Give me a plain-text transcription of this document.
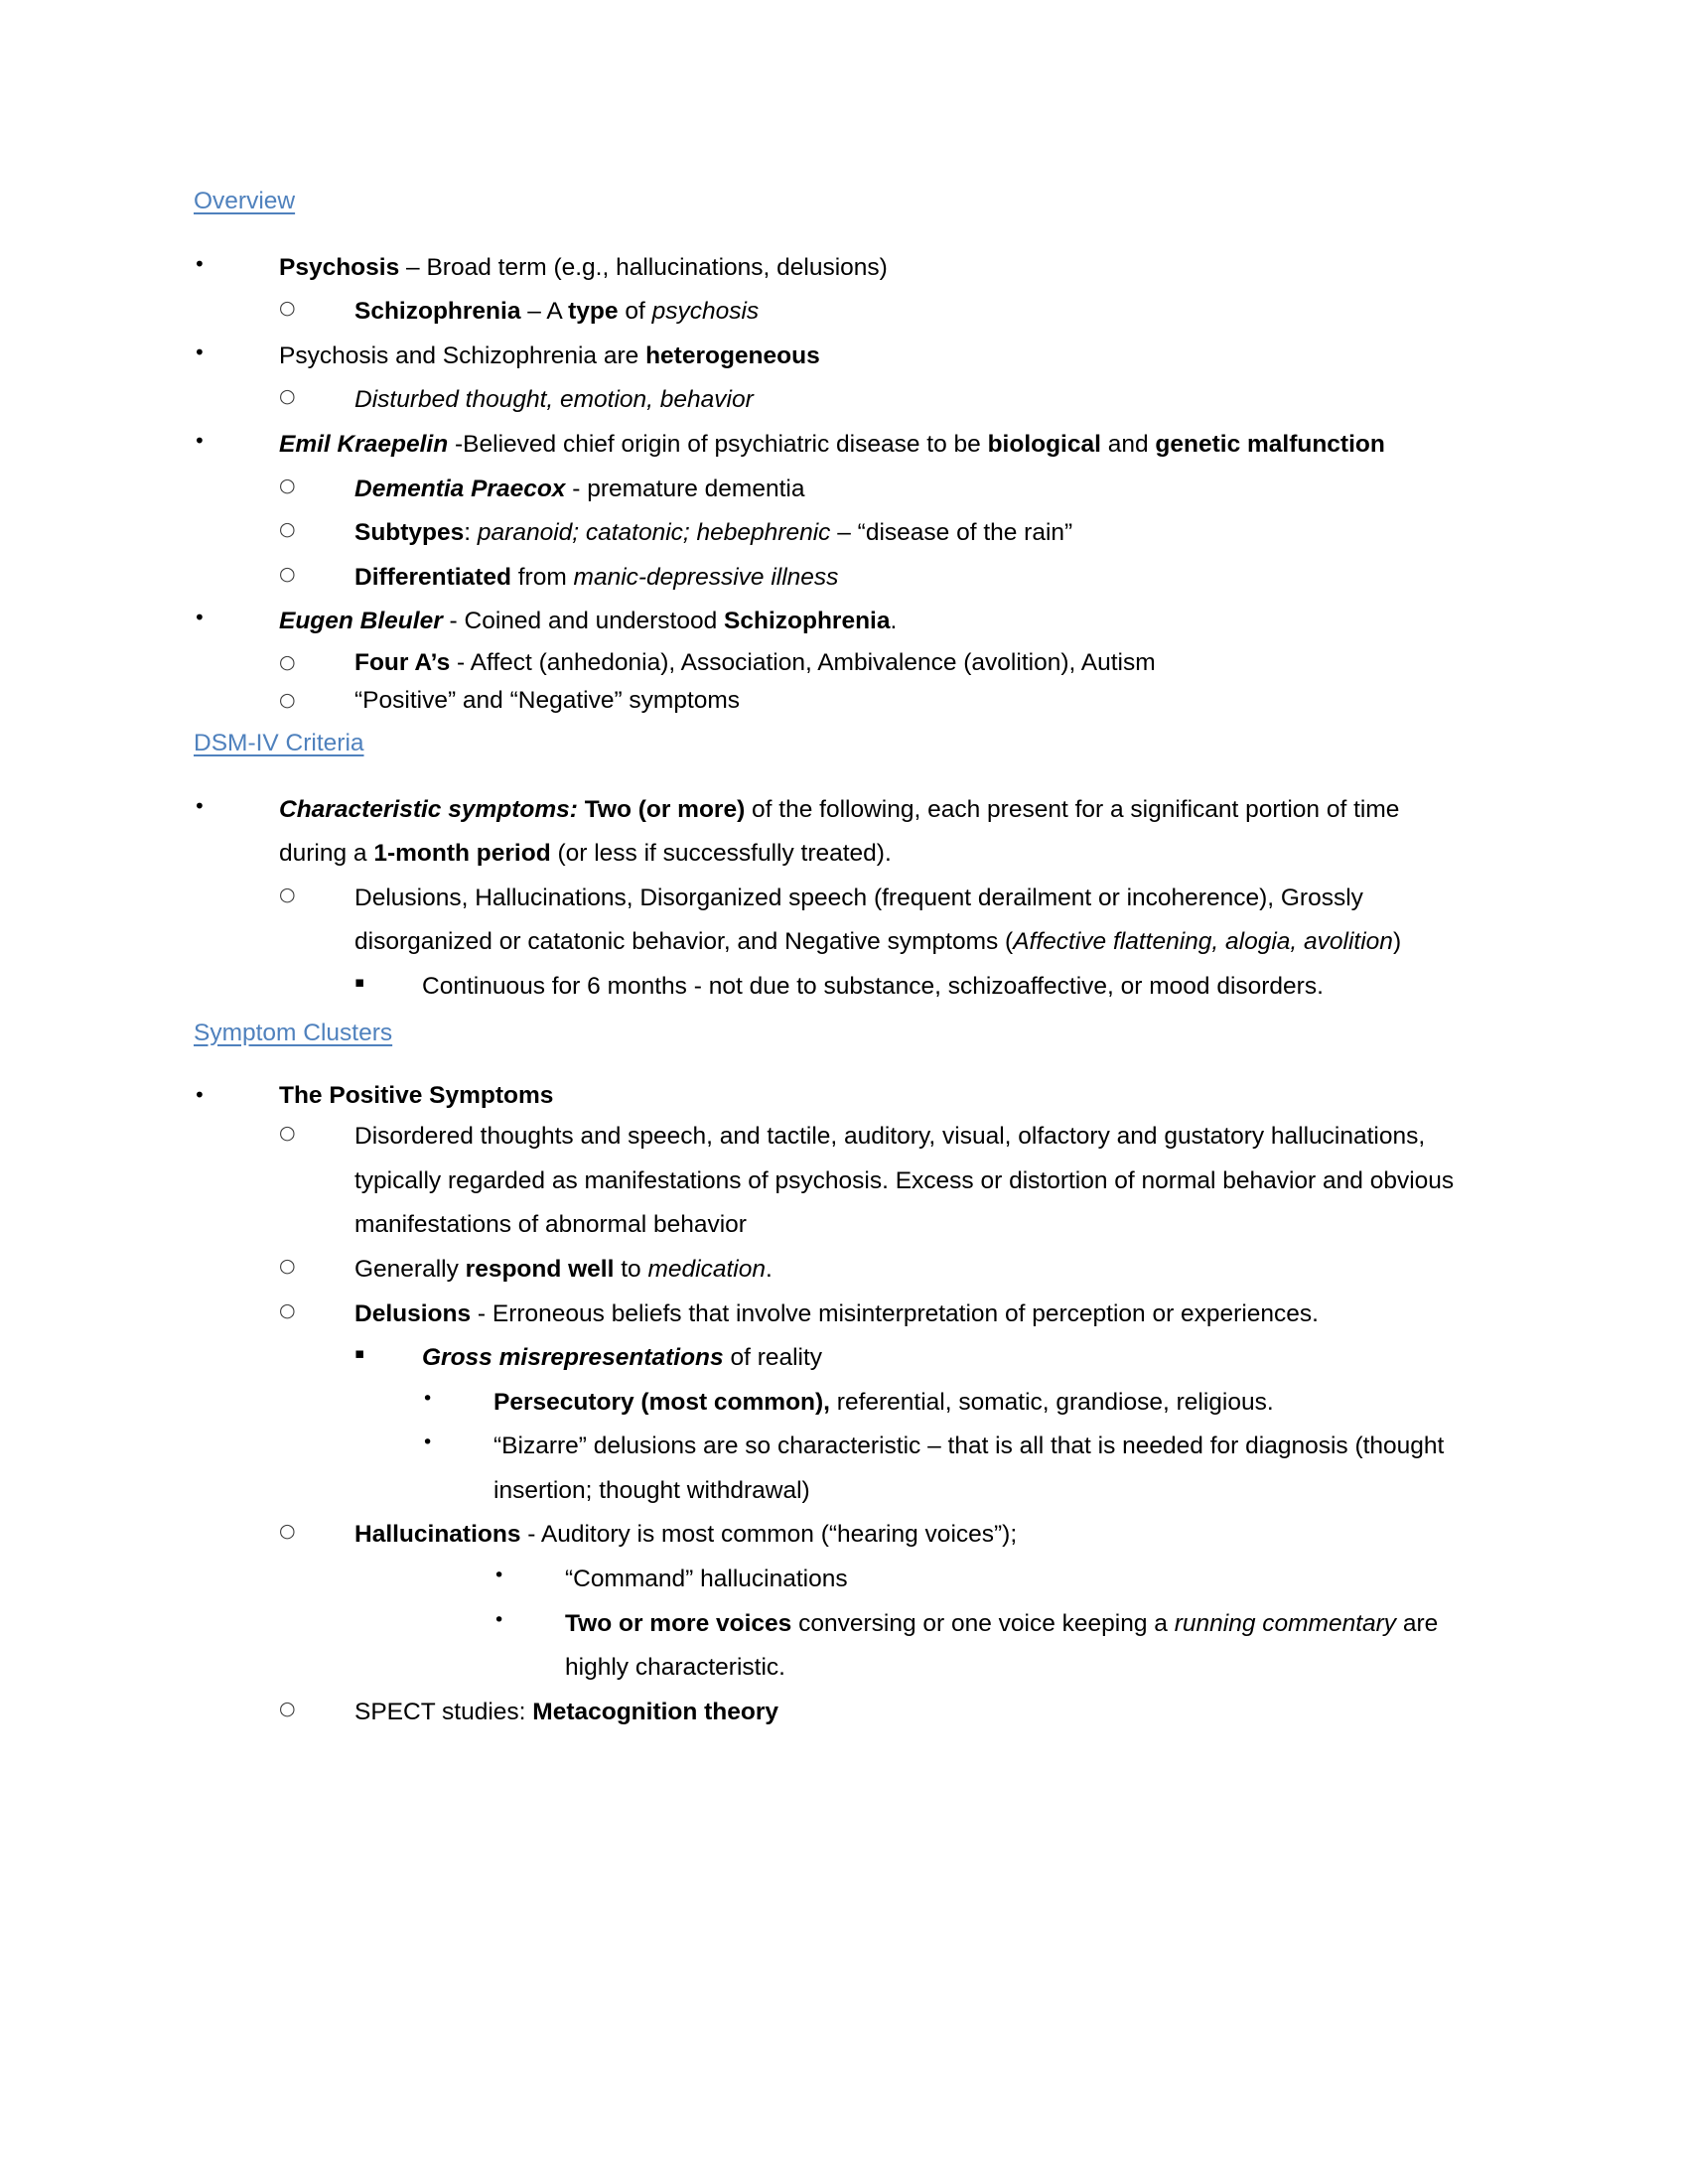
Overview
•	Psychosis – Broad term (e.g., hallucinations, delusions)
○	Schizophrenia – A type of psychosis
•	Psychosis and Schizophrenia are heterogeneous
○	Disturbed thought, emotion, behavior
•	Emil Kraepelin -Believed chief origin of psychiatric disease to be biological and genetic malfunction
○	Dementia Praecox - premature dementia
○	Subtypes: paranoid; catatonic; hebephrenic – “disease of the rain”
○	Differentiated from manic-depressive illness
•	Eugen Bleuler - Coined and understood Schizophrenia.
○	Four A’s - Affect (anhedonia), Association, Ambivalence (avolition), Autism
○	“Positive” and “Negative” symptoms
DSM-IV Criteria
•	Characteristic symptoms: Two (or more) of the following, each present for a significant portion of time during a 1-month period (or less if successfully treated).
○	Delusions, Hallucinations, Disorganized speech (frequent derailment or incoherence), Grossly disorganized or catatonic behavior, and Negative symptoms (Affective flattening, alogia, avolition)
▪	Continuous for 6 months - not due to substance, schizoaffective, or mood disorders.
Symptom Clusters
•	The Positive Symptoms
○	Disordered thoughts and speech, and tactile, auditory, visual, olfactory and gustatory hallucinations, typically regarded as manifestations of psychosis. Excess or distortion of normal behavior and obvious manifestations of abnormal behavior
○	Generally respond well to medication.
○	Delusions - Erroneous beliefs that involve misinterpretation of perception or experiences.
▪	Gross misrepresentations of reality
•	Persecutory (most common), referential, somatic, grandiose, religious.
•	“Bizarre” delusions are so characteristic – that is all that is needed for diagnosis (thought insertion; thought withdrawal)
○	Hallucinations - Auditory is most common (“hearing voices”);
•	“Command” hallucinations
•	Two or more voices conversing or one voice keeping a running commentary are highly characteristic.
○	SPECT studies: Metacognition theory
